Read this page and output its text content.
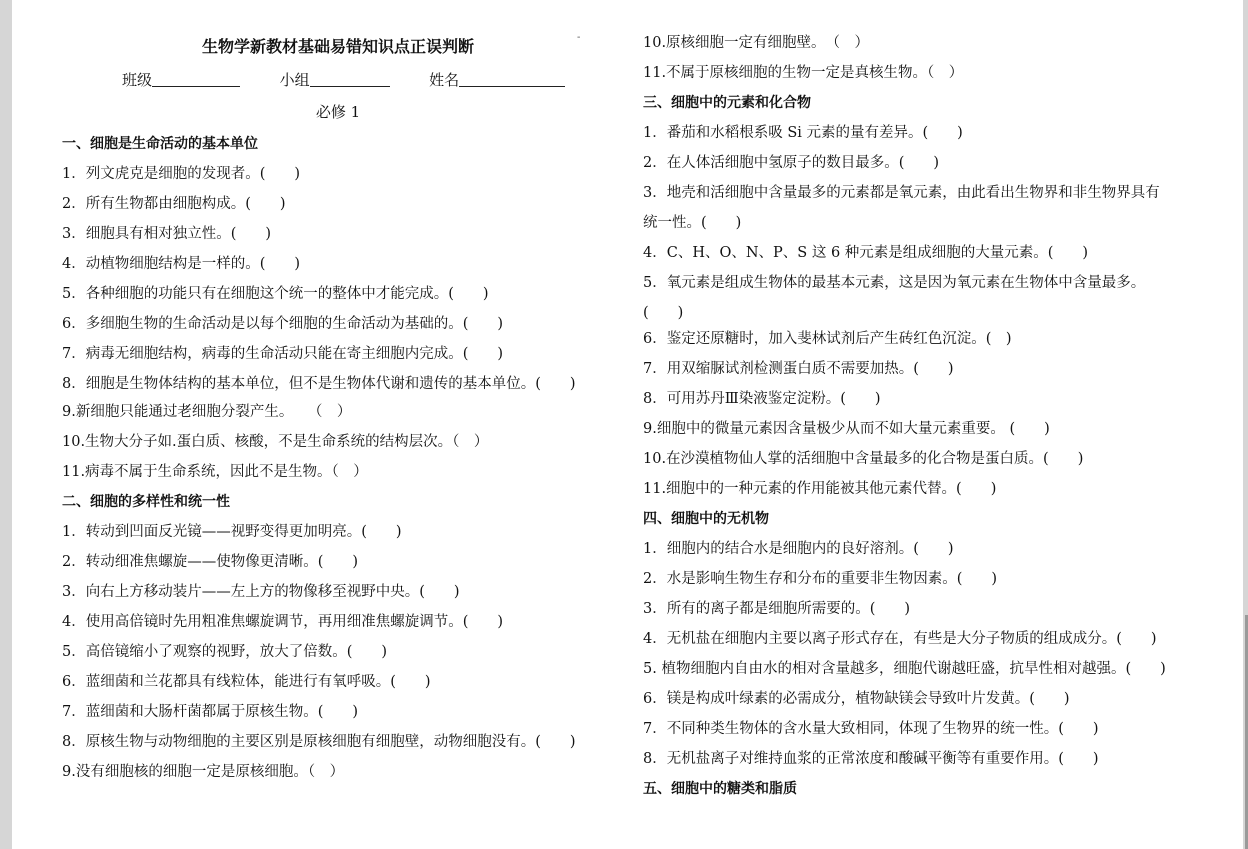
生物学新教材基础易错知识点正误判断	-
班级	小组	姓名
必修 1
一、细胞是生命活动的基本单位
1．列文虎克是细胞的发现者。(　　)
2．所有生物都由细胞构成。(　　)
3．细胞具有相对独立性。(　　)
4．动植物细胞结构是一样的。(　　)
5．各种细胞的功能只有在细胞这个统一的整体中才能完成。(　　)
6．多细胞生物的生命活动是以每个细胞的生命活动为基础的。(　　)
7．病毒无细胞结构，病毒的生命活动只能在寄主细胞内完成。(　　)
8．细胞是生物体结构的基本单位，但不是生物体代谢和遗传的基本单位。(　　)
9.新细胞只能通过老细胞分裂产生。　　（　）
10.生物大分子如.蛋白质、核酸，不是生命系统的结构层次。（　）
11.病毒不属于生命系统，因此不是生物。（　）
二、细胞的多样性和统一性
1．转动到凹面反光镜——视野变得更加明亮。(　　)
2．转动细准焦螺旋——使物像更清晰。(　　)
3．向右上方移动装片——左上方的物像移至视野中央。(　　)
4．使用高倍镜时先用粗准焦螺旋调节，再用细准焦螺旋调节。(　　)
5．高倍镜缩小了观察的视野，放大了倍数。(　　)
6．蓝细菌和兰花都具有线粒体，能进行有氧呼吸。(　　)
7．蓝细菌和大肠杆菌都属于原核生物。(　　)
8．原核生物与动物细胞的主要区别是原核细胞有细胞壁，动物细胞没有。(　　)
9.没有细胞核的细胞一定是原核细胞。（　）
10.原核细胞一定有细胞壁。　（　）
11.不属于原核细胞的生物一定是真核生物。（　）
三、细胞中的元素和化合物
1．番茄和水稻根系吸 Si 元素的量有差异。(　　)
2．在人体活细胞中氢原子的数目最多。(　　)
3．地壳和活细胞中含量最多的元素都是氧元素，由此看出生物界和非生物界具有
统一性。(　　)
4．C、H、O、N、P、S 这 6 种元素是组成细胞的大量元素。(　　)
5．氧元素是组成生物体的最基本元素，这是因为氧元素在生物体中含量最多。
(　　)
6．鉴定还原糖时，加入斐林试剂后产生砖红色沉淀。(　)
7．用双缩脲试剂检测蛋白质不需要加热。(　　)
8．可用苏丹Ⅲ染液鉴定淀粉。(　　)
9.细胞中的微量元素因含量极少从而不如大量元素重要。 (　　)
10.在沙漠植物仙人掌的活细胞中含量最多的化合物是蛋白质。(　　)
11.细胞中的一种元素的作用能被其他元素代替。(　　)
四、细胞中的无机物
1．细胞内的结合水是细胞内的良好溶剂。(　　)
2．水是影响生物生存和分布的重要非生物因素。(　　)
3．所有的离子都是细胞所需要的。(　　)
4．无机盐在细胞内主要以离子形式存在，有些是大分子物质的组成成分。(　　)
5. 植物细胞内自由水的相对含量越多，细胞代谢越旺盛，抗旱性相对越强。(　　)
6．镁是构成叶绿素的必需成分，植物缺镁会导致叶片发黄。(　　)
7．不同种类生物体的含水量大致相同，体现了生物界的统一性。(　　)
8．无机盐离子对维持血浆的正常浓度和酸碱平衡等有重要作用。(　　)
五、细胞中的糖类和脂质
